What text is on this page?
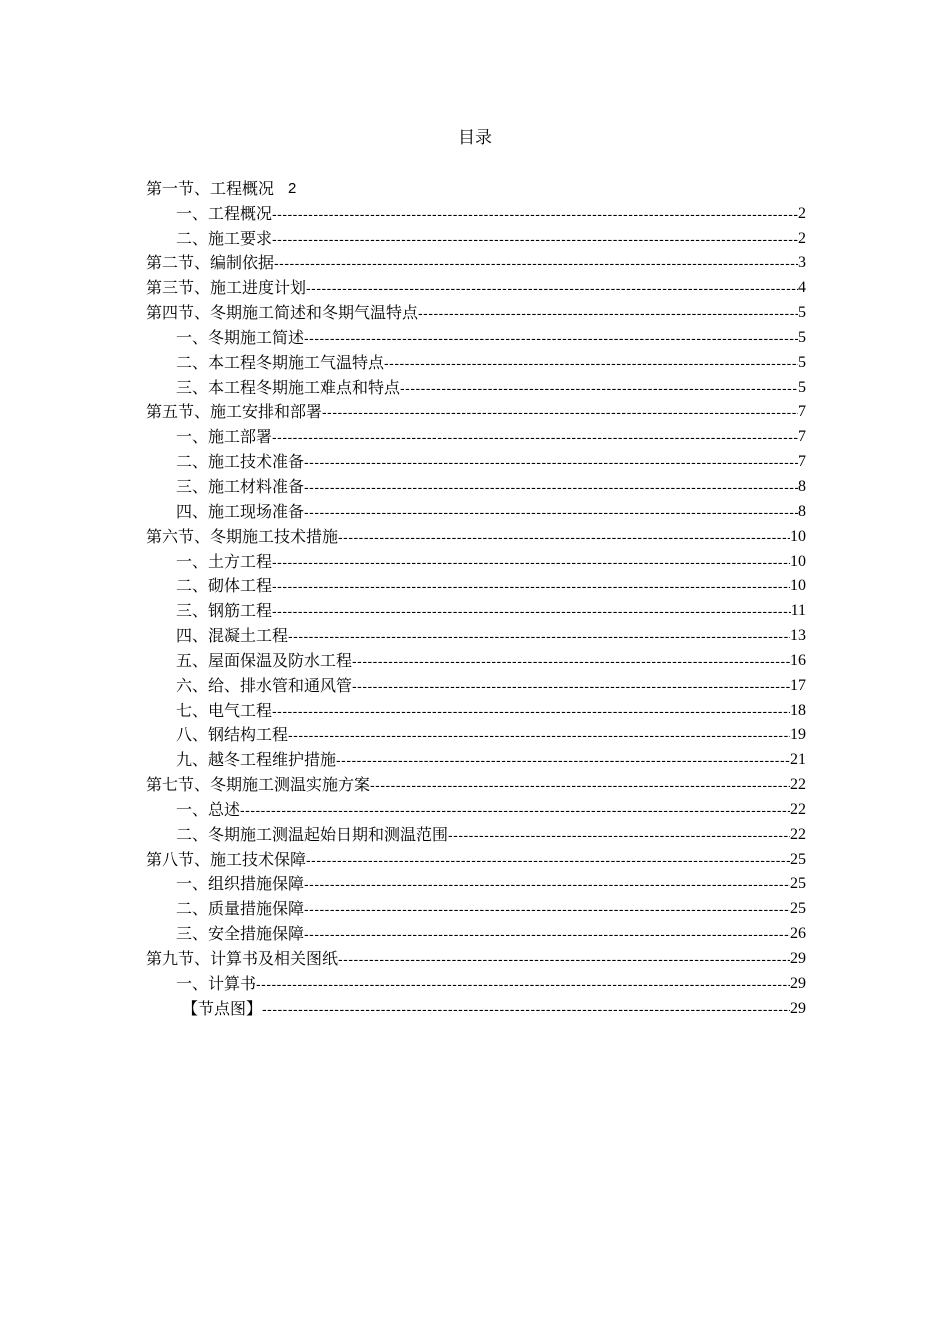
目录
第一节、工程概况 2
一、工程概况 -----	2
二、施工要求 -----	2
第二节、编制依据 -----	3
第三节、施工进度计划 -----	4
第四节、冬期施工简述和冬期气温特点 -----	5
一、冬期施工简述 -----	5
二、本工程冬期施工气温特点 -----	5
三、本工程冬期施工难点和特点 -----	5
第五节、施工安排和部署 -----	7
一、施工部署 -----	7
二、施工技术准备 -----	7
三、施工材料准备 -----	8
四、施工现场准备 -----	8
第六节、冬期施工技术措施 -----	10
一、土方工程 -----	10
二、砌体工程 -----	10
三、钢筋工程 -----	11
四、混凝土工程 -----	13
五、屋面保温及防水工程 -----	16
六、给、排水管和通风管 -----	17
七、电气工程 -----	18
八、钢结构工程 -----	19
九、越冬工程维护措施 -----	21
第七节、冬期施工测温实施方案 -----	22
一、总述 -----	22
二、冬期施工测温起始日期和测温范围 -----	22
第八节、施工技术保障 -----	25
一、组织措施保障 -----	25
二、质量措施保障 -----	25
三、安全措施保障 -----	26
第九节、计算书及相关图纸 -----	29
一、计算书 -----	29
【节点图】 -----	29
